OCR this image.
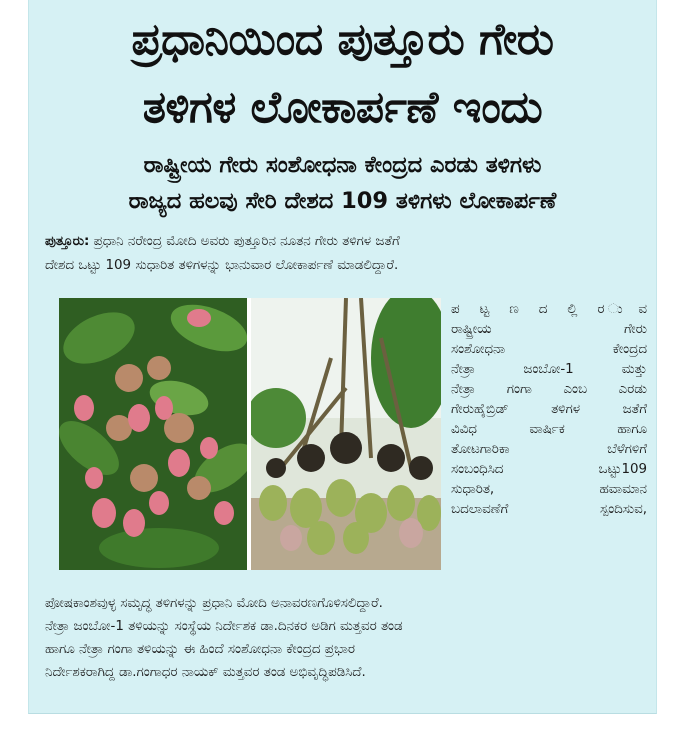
ಪ್ರಧಾನಿಯಿಂದ ಪುತ್ತೂರು ಗೇರು
ತಳಿಗಳ ಲೋಕಾರ್ಪಣೆ ಇಂದು
ರಾಷ್ಟ್ರೀಯ ಗೇರು ಸಂಶೋಧನಾ ಕೇಂದ್ರದ ಎರಡು ತಳಿಗಳು
ರಾಜ್ಯದ ಹಲವು ಸೇರಿ ದೇಶದ 109 ತಳಿಗಳು ಲೋಕಾರ್ಪಣೆ
ಪುತ್ತೂರು: ಪ್ರಧಾನಿ ನರೇಂದ್ರ ಮೋದಿ ಅವರು ಪುತ್ತೂರಿನ ನೂತನ ಗೇರು ತಳಿಗಳ ಜತೆಗೆ
ದೇಶದ ಒಟ್ಟು 109 ಸುಧಾರಿತ ತಳಿಗಳನ್ನು ಭಾನುವಾರ ಲೋಕಾರ್ಪಣೆ ಮಾಡಲಿದ್ದಾರೆ.
ಪ ಟ್ಟ ಣ ದ ಲ್ಲಿ ರ ುವ
ರಾಷ್ಟ್ರೀಯ ಗೇರು
ಸಂಶೋಧನಾ ಕೇಂದ್ರದ
ನೇತ್ರಾ ಜಂಬೋ-1 ಮತ್ತು
ನೇತ್ರಾ ಗಂಗಾ ಎಂಬ ಎರಡು
ಗೇರುಹೈಬ್ರಿಡ್ ತಳಿಗಳ ಜತೆಗೆ
ವಿವಿಧ ವಾರ್ಷಿಕ ಹಾಗೂ
ತೋಟಗಾರಿಕಾ ಬೆಳೆಗಳಿಗೆ
ಸಂಬಂಧಿಸಿದ ಒಟ್ಟು109
ಸುಧಾರಿತ, ಹವಾಮಾನ
ಬದಲಾವಣೆಗೆ ಸ್ಪಂದಿಸುವ,
ಪೋಷಕಾಂಶವುಳ್ಳ ಸಮೃದ್ಧ ತಳಿಗಳನ್ನು ಪ್ರಧಾನಿ ಮೋದಿ ಅನಾವರಣಗೊಳಿಸಲಿದ್ದಾರೆ.
ನೇತ್ರಾ ಜಂಬೋ-1 ತಳಿಯನ್ನು ಸಂಸ್ಥೆಯ ನಿರ್ದೇಶಕ ಡಾ.ದಿನಕರ ಅಡಿಗ ಮತ್ತವರ ತಂಡ
ಹಾಗೂ ನೇತ್ರಾ ಗಂಗಾ ತಳಿಯನ್ನು ಈ ಹಿಂದೆ ಸಂಶೋಧನಾ ಕೇಂದ್ರದ ಪ್ರಭಾರ
ನಿರ್ದೇಶಕರಾಗಿದ್ದ ಡಾ.ಗಂಗಾಧರ ನಾಯಕ್ ಮತ್ತವರ ತಂಡ ಅಭಿವೃದ್ಧಿಪಡಿಸಿದೆ.
